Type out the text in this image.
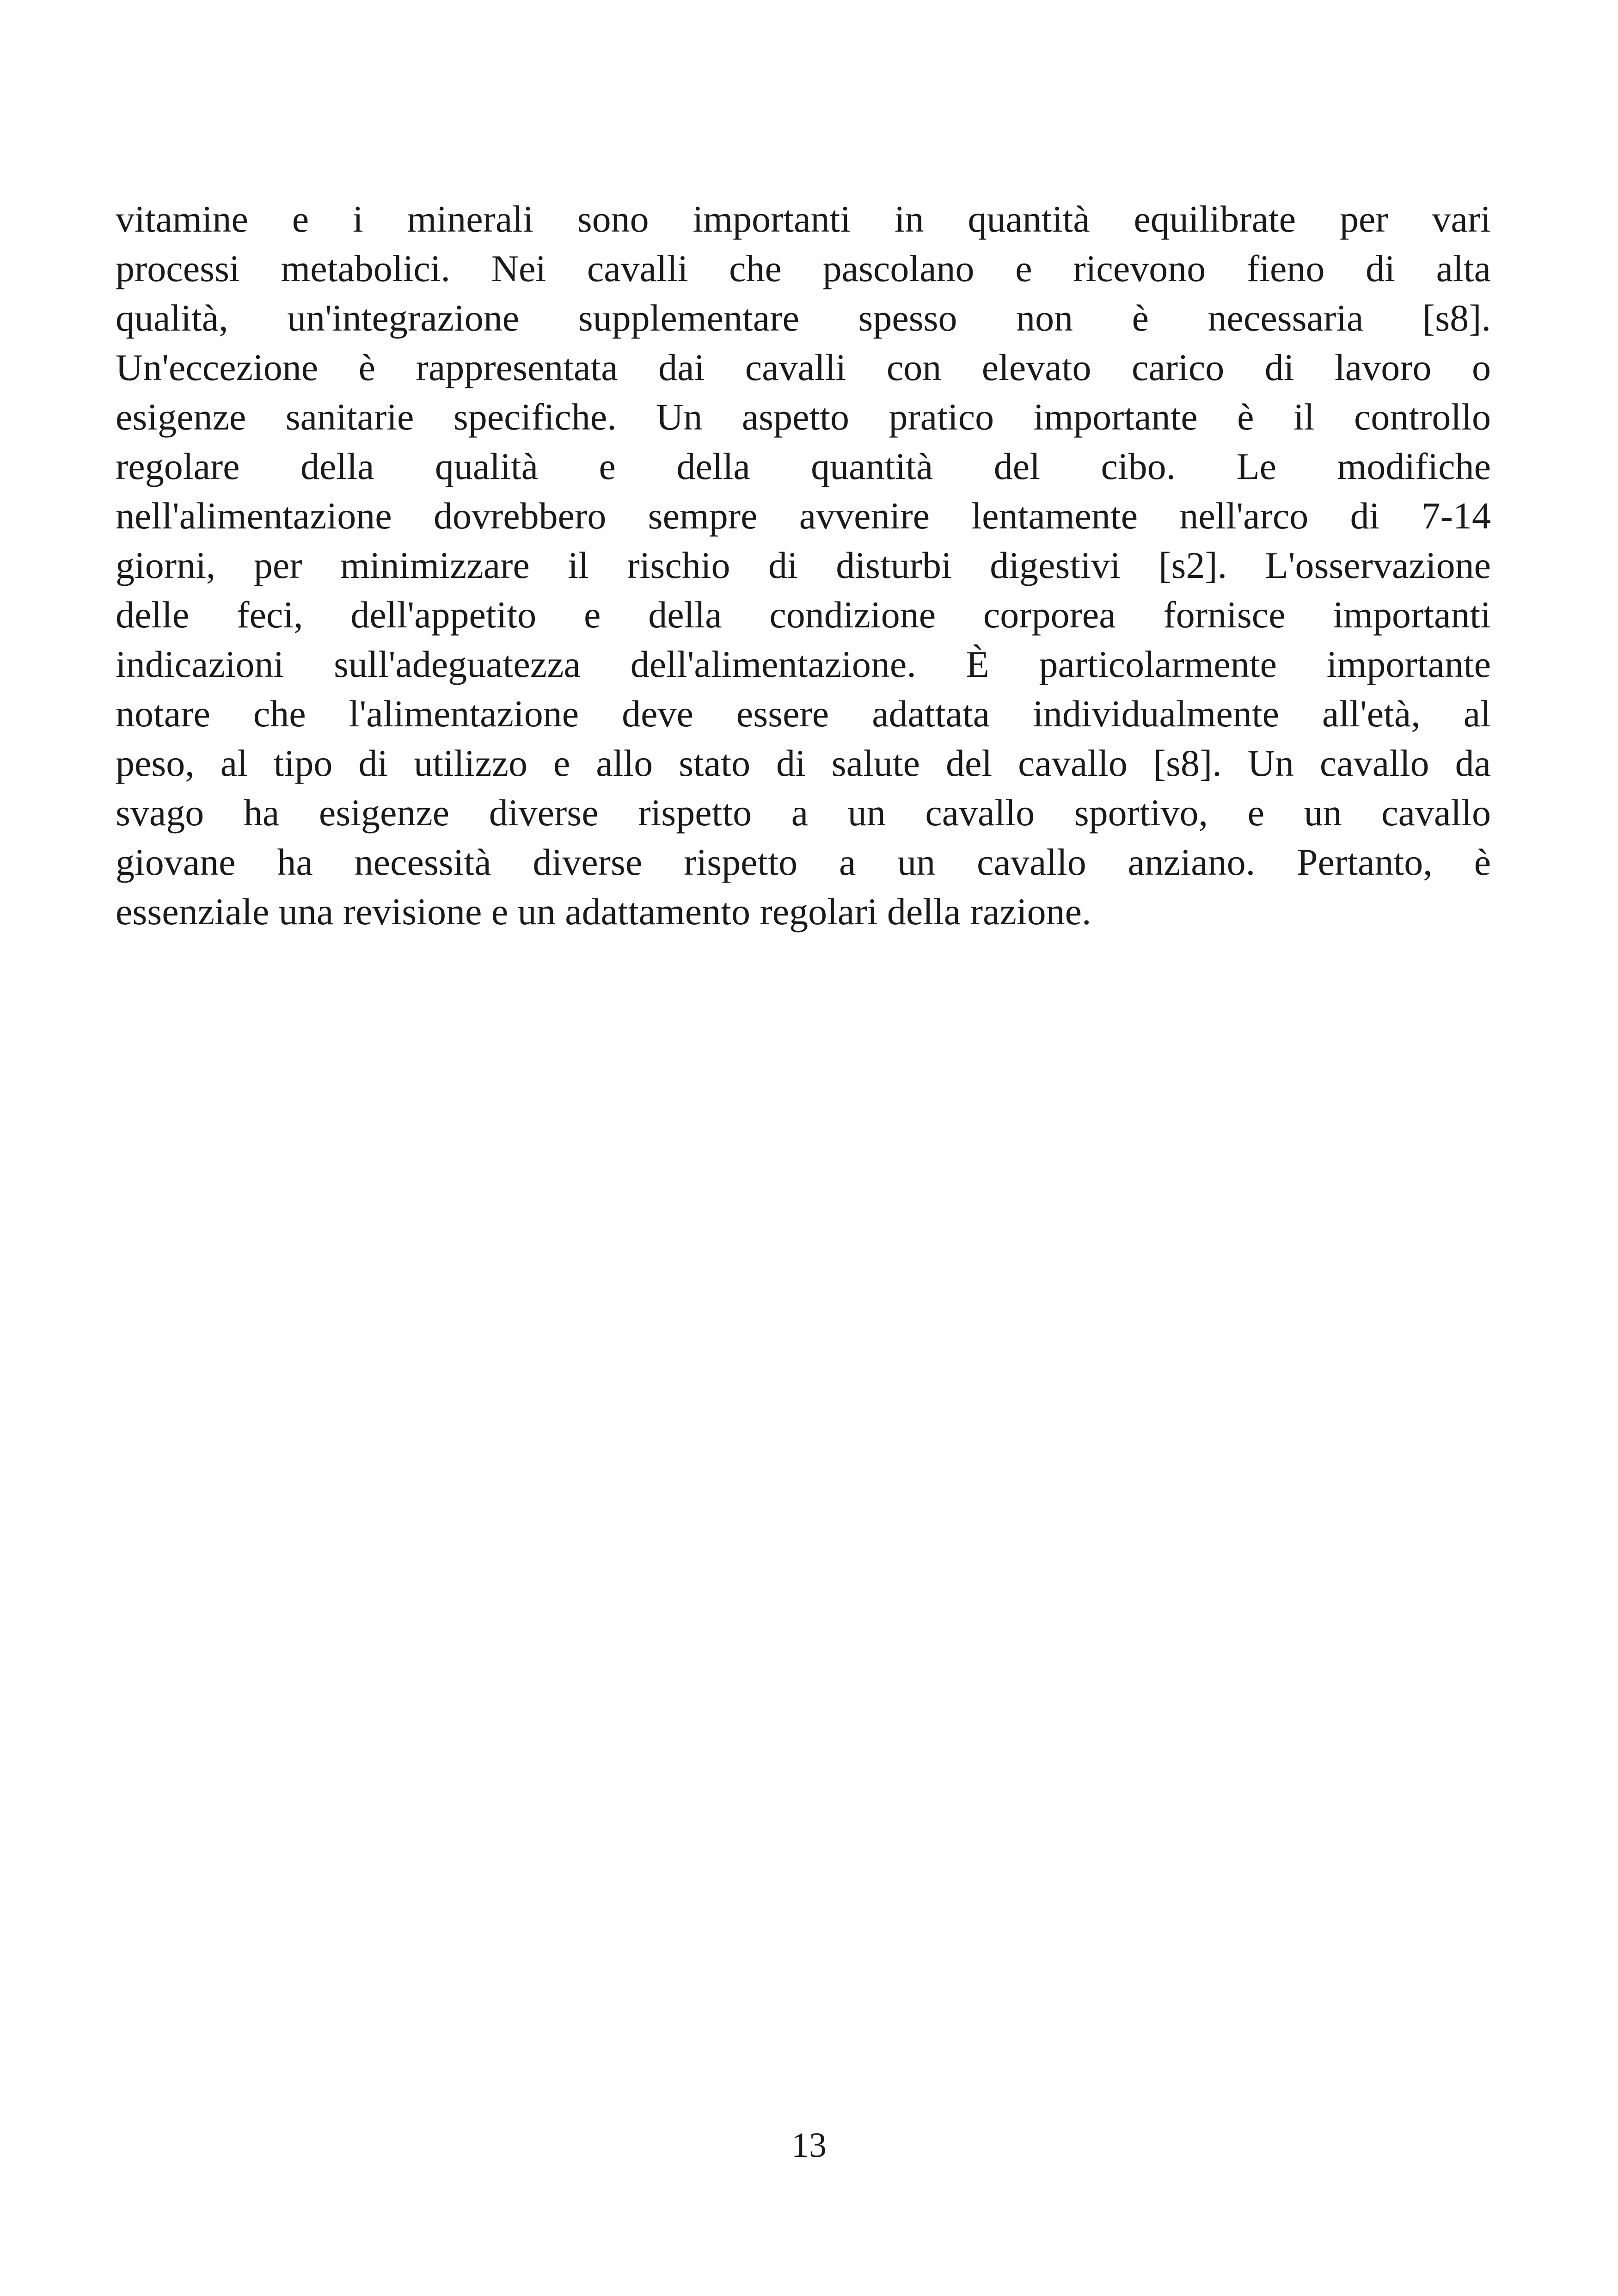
vitamine e i minerali sono importanti in quantità equilibrate per vari
processi metabolici. Nei cavalli che pascolano e ricevono fieno di alta
qualità, un'integrazione supplementare spesso non è necessaria [s8].
Un'eccezione è rappresentata dai cavalli con elevato carico di lavoro o
esigenze sanitarie specifiche. Un aspetto pratico importante è il controllo
regolare della qualità e della quantità del cibo. Le modifiche
nell'alimentazione dovrebbero sempre avvenire lentamente nell'arco di 7-14
giorni, per minimizzare il rischio di disturbi digestivi [s2]. L'osservazione
delle feci, dell'appetito e della condizione corporea fornisce importanti
indicazioni sull'adeguatezza dell'alimentazione. È particolarmente importante
notare che l'alimentazione deve essere adattata individualmente all'età, al
peso, al tipo di utilizzo e allo stato di salute del cavallo [s8]. Un cavallo da
svago ha esigenze diverse rispetto a un cavallo sportivo, e un cavallo
giovane ha necessità diverse rispetto a un cavallo anziano. Pertanto, è
essenziale una revisione e un adattamento regolari della razione.
13
